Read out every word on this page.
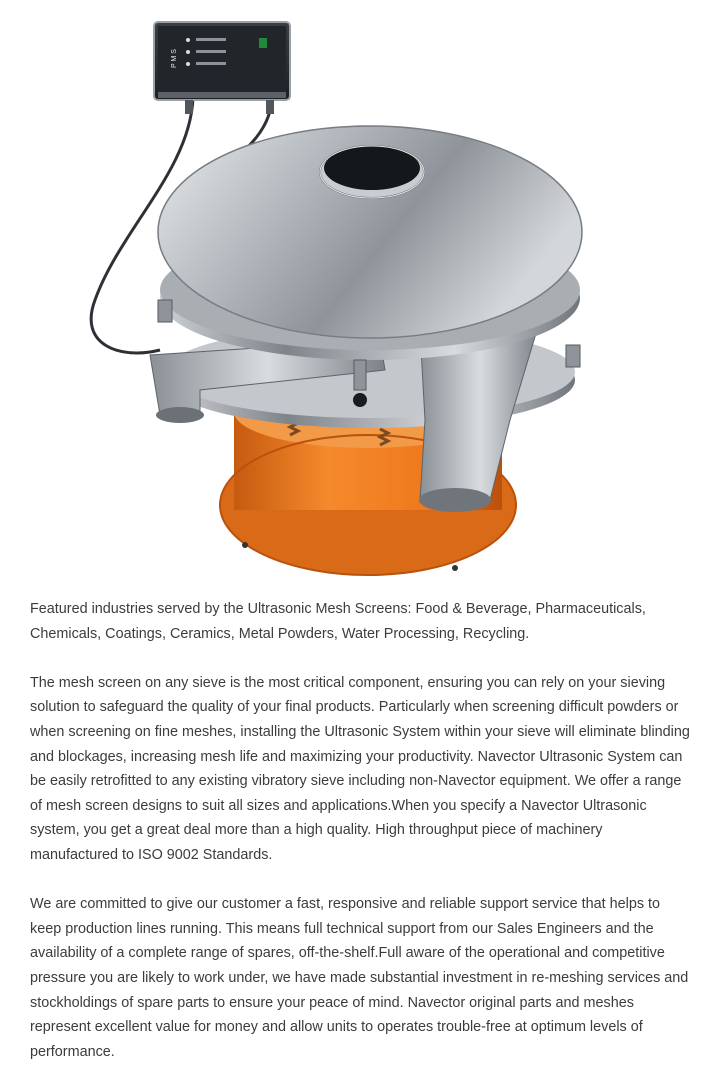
P M S

Featured industries served by the Ultrasonic Mesh Screens: Food & Beverage, Pharmaceuticals, Chemicals, Coatings, Ceramics, Metal Powders, Water Processing, Recycling.

The mesh screen on any sieve is the most critical component, ensuring you can rely on your sieving solution to safeguard the quality of your final products. Particularly when screening difficult powders or when screening on fine meshes, installing the Ultrasonic System within your sieve will eliminate blinding and blockages, increasing mesh life and maximizing your productivity. Navector Ultrasonic System can be easily retrofitted to any existing vibratory sieve including non-Navector equipment. We offer a range of mesh screen designs to suit all sizes and applications.When you specify a Navector Ultrasonic system, you get a great deal more than a high quality. High throughput piece of machinery manufactured to ISO 9002 Standards.

We are committed to give our customer a fast, responsive and reliable support service that helps to keep production lines running. This means full technical support from our Sales Engineers and the availability of a complete range of spares, off-the-shelf.Full aware of the operational and competitive pressure you are likely to work under, we have made substantial investment in re-meshing services and stockholdings of spare parts to ensure your peace of mind. Navector original parts and meshes represent excellent value for money and allow units to operates trouble-free at optimum levels of performance.
